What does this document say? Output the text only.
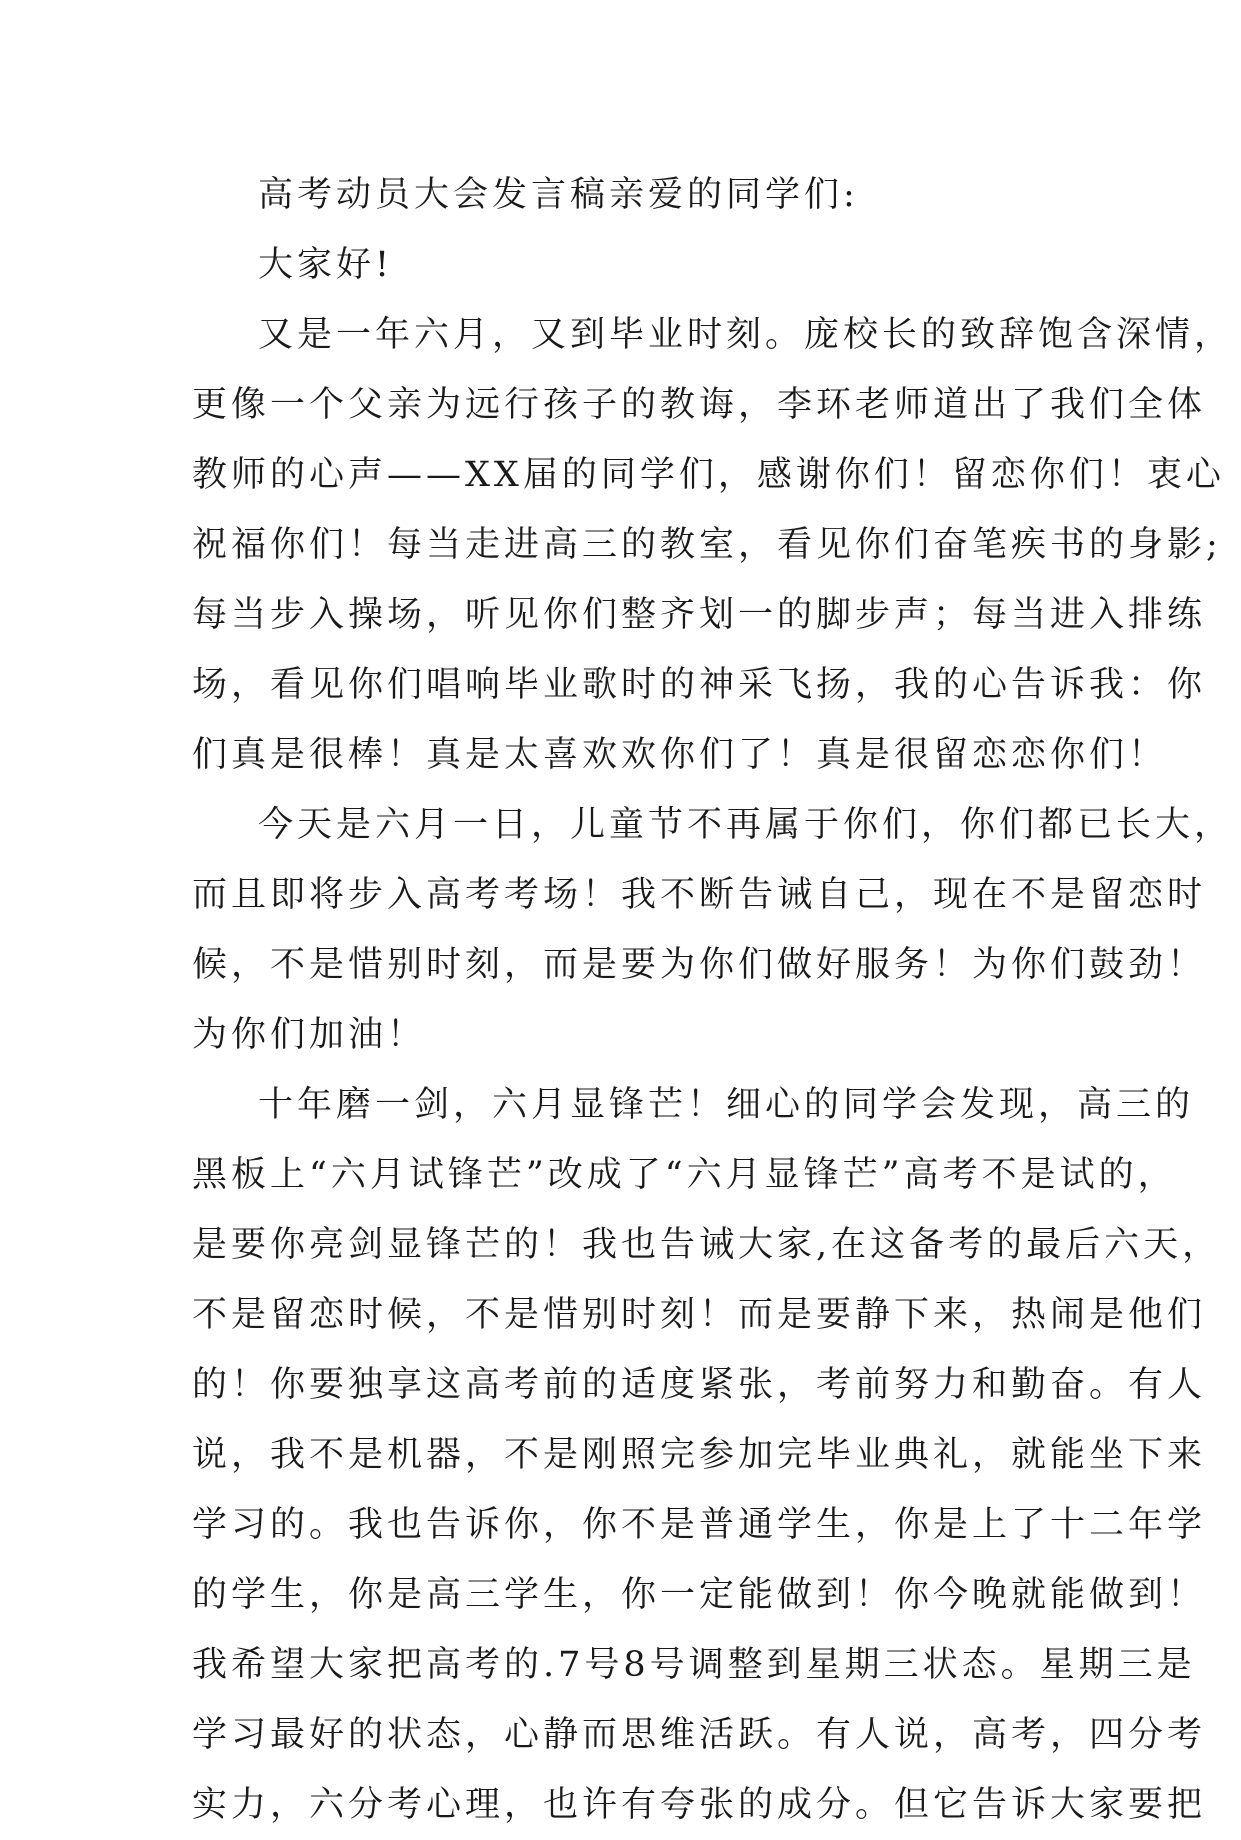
高考动员大会发言稿亲爱的同学们:
大家好!
又是一年六月，又到毕业时刻。庞校长的致辞饱含深情，
更像一个父亲为远行孩子的教诲，李环老师道出了我们全体
教师的心声——XX届的同学们，感谢你们！留恋你们！衷心
祝福你们！每当走进高三的教室，看见你们奋笔疾书的身影;
每当步入操场，听见你们整齐划一的脚步声；每当进入排练
场，看见你们唱响毕业歌时的神采飞扬，我的心告诉我：你
们真是很棒！真是太喜欢欢你们了！真是很留恋恋你们！
今天是六月一日，儿童节不再属于你们，你们都已长大，
而且即将步入高考考场！我不断告诫自己，现在不是留恋时
候，不是惜别时刻，而是要为你们做好服务！为你们鼓劲！
为你们加油！
十年磨一剑，六月显锋芒！细心的同学会发现，高三的
黑板上“六月试锋芒”改成了“六月显锋芒”高考不是试的，
是要你亮剑显锋芒的！我也告诫大家,在这备考的最后六天，
不是留恋时候，不是惜别时刻！而是要静下来，热闹是他们
的！你要独享这高考前的适度紧张，考前努力和勤奋。有人
说，我不是机器，不是刚照完参加完毕业典礼，就能坐下来
学习的。我也告诉你，你不是普通学生，你是上了十二年学
的学生，你是高三学生，你一定能做到！你今晚就能做到！
我希望大家把高考的.7号8号调整到星期三状态。星期三是
学习最好的状态，心静而思维活跃。有人说，高考，四分考
实力，六分考心理，也许有夸张的成分。但它告诉大家要把
